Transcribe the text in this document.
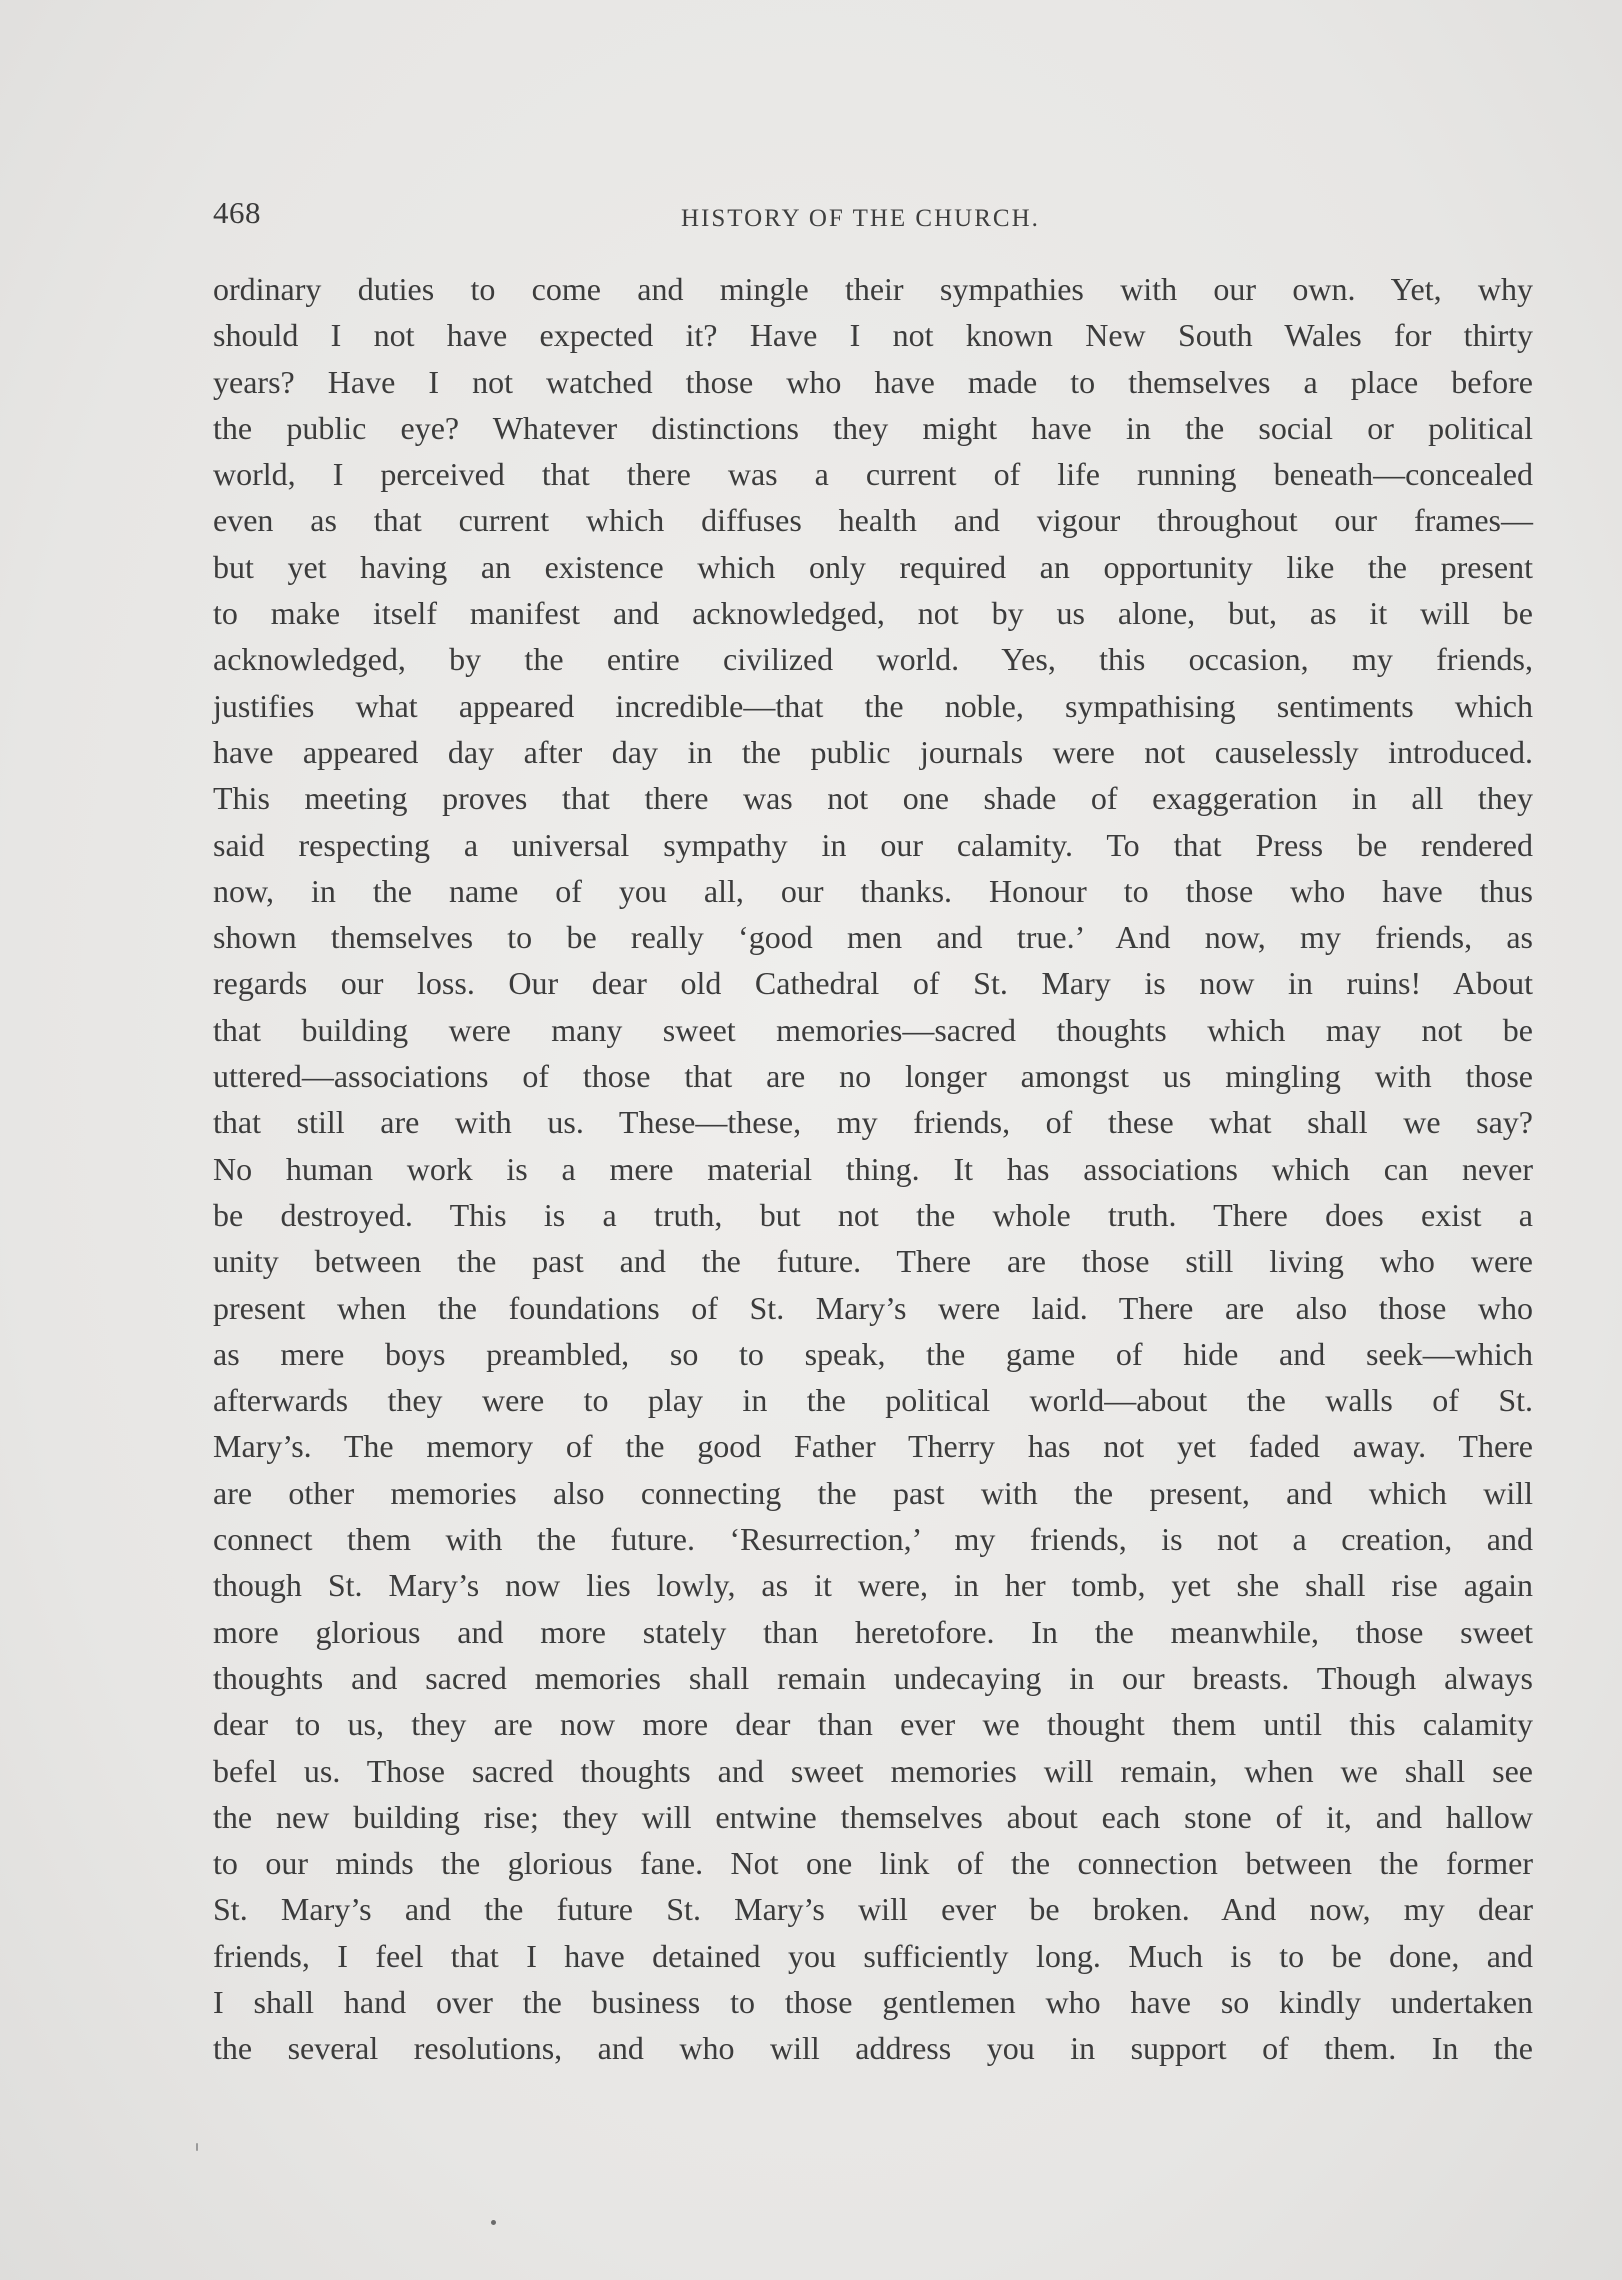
468	HISTORY OF THE CHURCH.
ordinary duties to come and mingle their sympathies with our own. Yet, why
should I not have expected it? Have I not known New South Wales for thirty
years? Have I not watched those who have made to themselves a place before
the public eye? Whatever distinctions they might have in the social or political
world, I perceived that there was a current of life running beneath—concealed
even as that current which diffuses health and vigour throughout our frames—
but yet having an existence which only required an opportunity like the present
to make itself manifest and acknowledged, not by us alone, but, as it will be
acknowledged, by the entire civilized world. Yes, this occasion, my friends,
justifies what appeared incredible—that the noble, sympathising sentiments which
have appeared day after day in the public journals were not causelessly introduced.
This meeting proves that there was not one shade of exaggeration in all they
said respecting a universal sympathy in our calamity. To that Press be rendered
now, in the name of you all, our thanks. Honour to those who have thus
shown themselves to be really ‘good men and true.’ And now, my friends, as
regards our loss. Our dear old Cathedral of St. Mary is now in ruins! About
that building were many sweet memories—sacred thoughts which may not be
uttered—associations of those that are no longer amongst us mingling with those
that still are with us. These—these, my friends, of these what shall we say?
No human work is a mere material thing. It has associations which can never
be destroyed. This is a truth, but not the whole truth. There does exist a
unity between the past and the future. There are those still living who were
present when the foundations of St. Mary’s were laid. There are also those who
as mere boys preambled, so to speak, the game of hide and seek—which
afterwards they were to play in the political world—about the walls of St.
Mary’s. The memory of the good Father Therry has not yet faded away. There
are other memories also connecting the past with the present, and which will
connect them with the future. ‘Resurrection,’ my friends, is not a creation, and
though St. Mary’s now lies lowly, as it were, in her tomb, yet she shall rise again
more glorious and more stately than heretofore. In the meanwhile, those sweet
thoughts and sacred memories shall remain undecaying in our breasts. Though always
dear to us, they are now more dear than ever we thought them until this calamity
befel us. Those sacred thoughts and sweet memories will remain, when we shall see
the new building rise; they will entwine themselves about each stone of it, and hallow
to our minds the glorious fane. Not one link of the connection between the former
St. Mary’s and the future St. Mary’s will ever be broken. And now, my dear
friends, I feel that I have detained you sufficiently long. Much is to be done, and
I shall hand over the business to those gentlemen who have so kindly undertaken
the several resolutions, and who will address you in support of them. In the
